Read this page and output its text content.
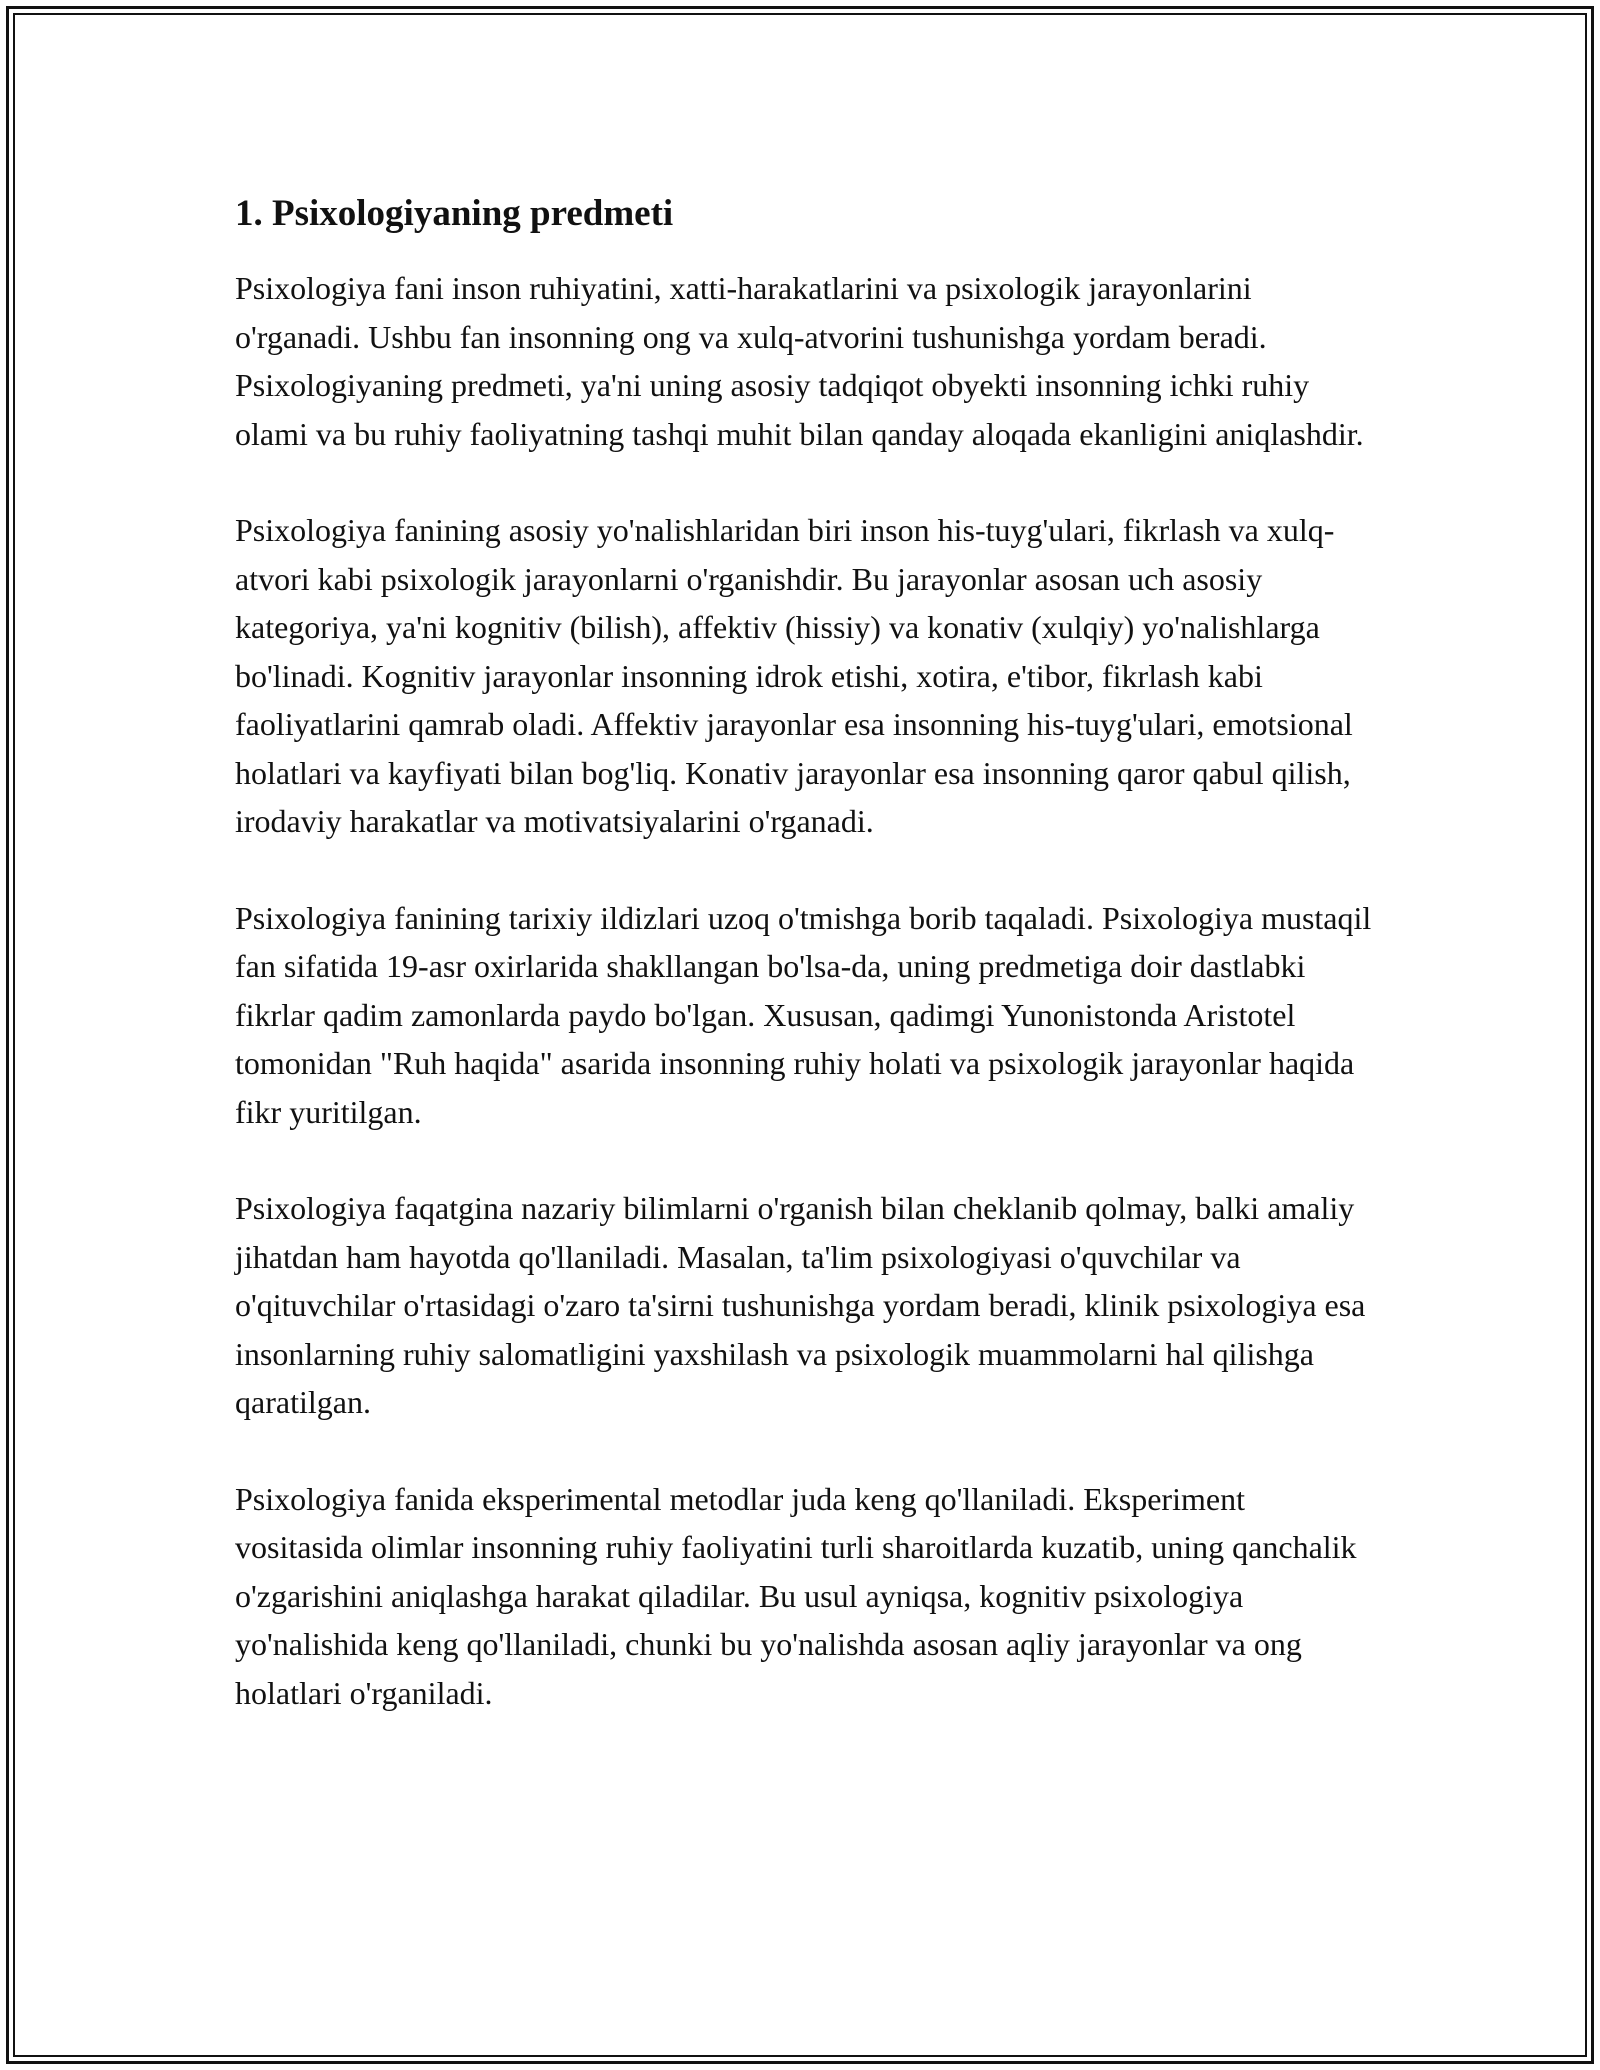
1. Psixologiyaning predmeti

Psixologiya fani inson ruhiyatini, xatti-harakatlarini va psixologik jarayonlarini o'rganadi. Ushbu fan insonning ong va xulq-atvorini tushunishga yordam beradi. Psixologiyaning predmeti, ya'ni uning asosiy tadqiqot obyekti insonning ichki ruhiy olami va bu ruhiy faoliyatning tashqi muhit bilan qanday aloqada ekanligini aniqlashdir.

Psixologiya fanining asosiy yo'nalishlaridan biri inson his-tuyg'ulari, fikrlash va xulq-atvori kabi psixologik jarayonlarni o'rganishdir. Bu jarayonlar asosan uch asosiy kategoriya, ya'ni kognitiv (bilish), affektiv (hissiy) va konativ (xulqiy) yo'nalishlarga bo'linadi. Kognitiv jarayonlar insonning idrok etishi, xotira, e'tibor, fikrlash kabi faoliyatlarini qamrab oladi. Affektiv jarayonlar esa insonning his-tuyg'ulari, emotsional holatlari va kayfiyati bilan bog'liq. Konativ jarayonlar esa insonning qaror qabul qilish, irodaviy harakatlar va motivatsiyalarini o'rganadi.

Psixologiya fanining tarixiy ildizlari uzoq o'tmishga borib taqaladi. Psixologiya mustaqil fan sifatida 19-asr oxirlarida shakllangan bo'lsa-da, uning predmetiga doir dastlabki fikrlar qadim zamonlarda paydo bo'lgan. Xususan, qadimgi Yunonistonda Aristotel tomonidan "Ruh haqida" asarida insonning ruhiy holati va psixologik jarayonlar haqida fikr yuritilgan.

Psixologiya faqatgina nazariy bilimlarni o'rganish bilan cheklanib qolmay, balki amaliy jihatdan ham hayotda qo'llaniladi. Masalan, ta'lim psixologiyasi o'quvchilar va o'qituvchilar o'rtasidagi o'zaro ta'sirni tushunishga yordam beradi, klinik psixologiya esa insonlarning ruhiy salomatligini yaxshilash va psixologik muammolarni hal qilishga qaratilgan.

Psixologiya fanida eksperimental metodlar juda keng qo'llaniladi. Eksperiment vositasida olimlar insonning ruhiy faoliyatini turli sharoitlarda kuzatib, uning qanchalik o'zgarishini aniqlashga harakat qiladilar. Bu usul ayniqsa, kognitiv psixologiya yo'nalishida keng qo'llaniladi, chunki bu yo'nalishda asosan aqliy jarayonlar va ong holatlari o'rganiladi.
